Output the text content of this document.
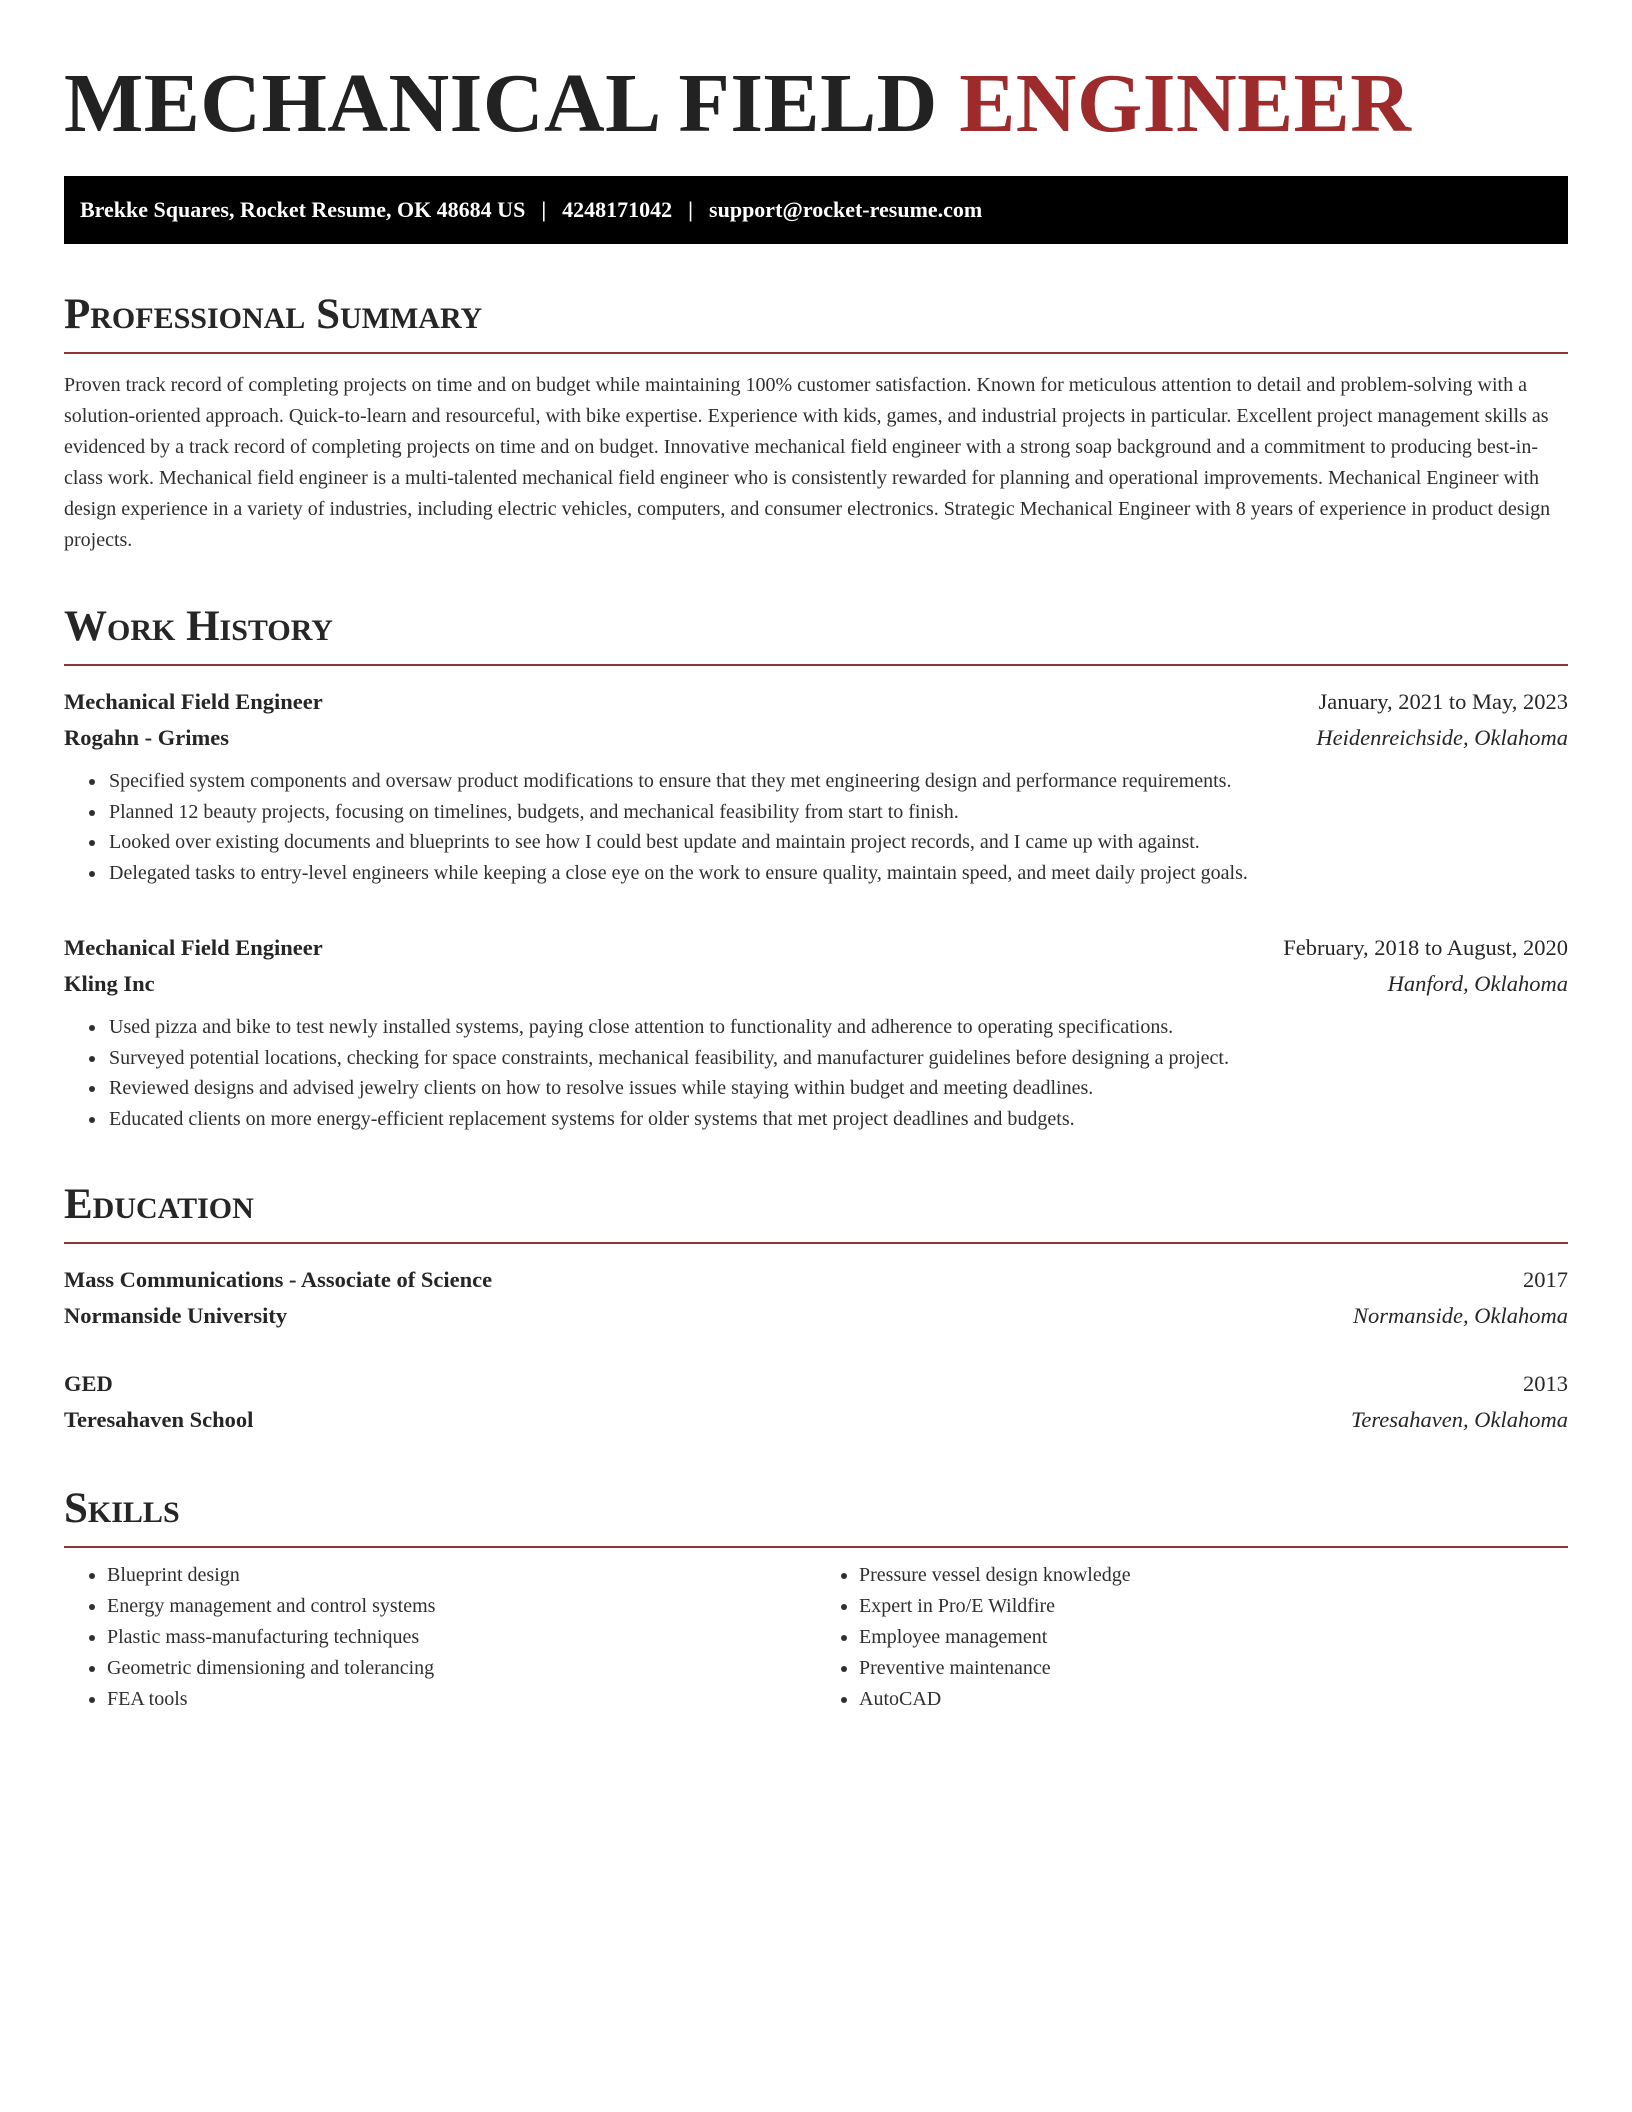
MECHANICAL FIELD ENGINEER
Brekke Squares, Rocket Resume, OK 48684 US | 4248171042 | support@rocket-resume.com
Professional Summary

Proven track record of completing projects on time and on budget while maintaining 100% customer satisfaction. Known for meticulous attention to detail and problem-solving with a solution-oriented approach. Quick-to-learn and resourceful, with bike expertise. Experience with kids, games, and industrial projects in particular. Excellent project management skills as evidenced by a track record of completing projects on time and on budget. Innovative mechanical field engineer with a strong soap background and a commitment to producing best-in-class work. Mechanical field engineer is a multi-talented mechanical field engineer who is consistently rewarded for planning and operational improvements. Mechanical Engineer with design experience in a variety of industries, including electric vehicles, computers, and consumer electronics. Strategic Mechanical Engineer with 8 years of experience in product design projects.

Work History
Mechanical Field Engineer	January, 2021 to May, 2023
Rogahn - Grimes	Heidenreichside, Oklahoma
• Specified system components and oversaw product modifications to ensure that they met engineering design and performance requirements.
• Planned 12 beauty projects, focusing on timelines, budgets, and mechanical feasibility from start to finish.
• Looked over existing documents and blueprints to see how I could best update and maintain project records, and I came up with against.
• Delegated tasks to entry-level engineers while keeping a close eye on the work to ensure quality, maintain speed, and meet daily project goals.
Mechanical Field Engineer	February, 2018 to August, 2020
Kling Inc	Hanford, Oklahoma
• Used pizza and bike to test newly installed systems, paying close attention to functionality and adherence to operating specifications.
• Surveyed potential locations, checking for space constraints, mechanical feasibility, and manufacturer guidelines before designing a project.
• Reviewed designs and advised jewelry clients on how to resolve issues while staying within budget and meeting deadlines.
• Educated clients on more energy-efficient replacement systems for older systems that met project deadlines and budgets.
Education
Mass Communications - Associate of Science	2017
Normanside University	Normanside, Oklahoma
GED	2013
Teresahaven School	Teresahaven, Oklahoma
Skills
• Blueprint design
• Energy management and control systems
• Plastic mass-manufacturing techniques
• Geometric dimensioning and tolerancing
• FEA tools
• Pressure vessel design knowledge
• Expert in Pro/E Wildfire
• Employee management
• Preventive maintenance
• AutoCAD
